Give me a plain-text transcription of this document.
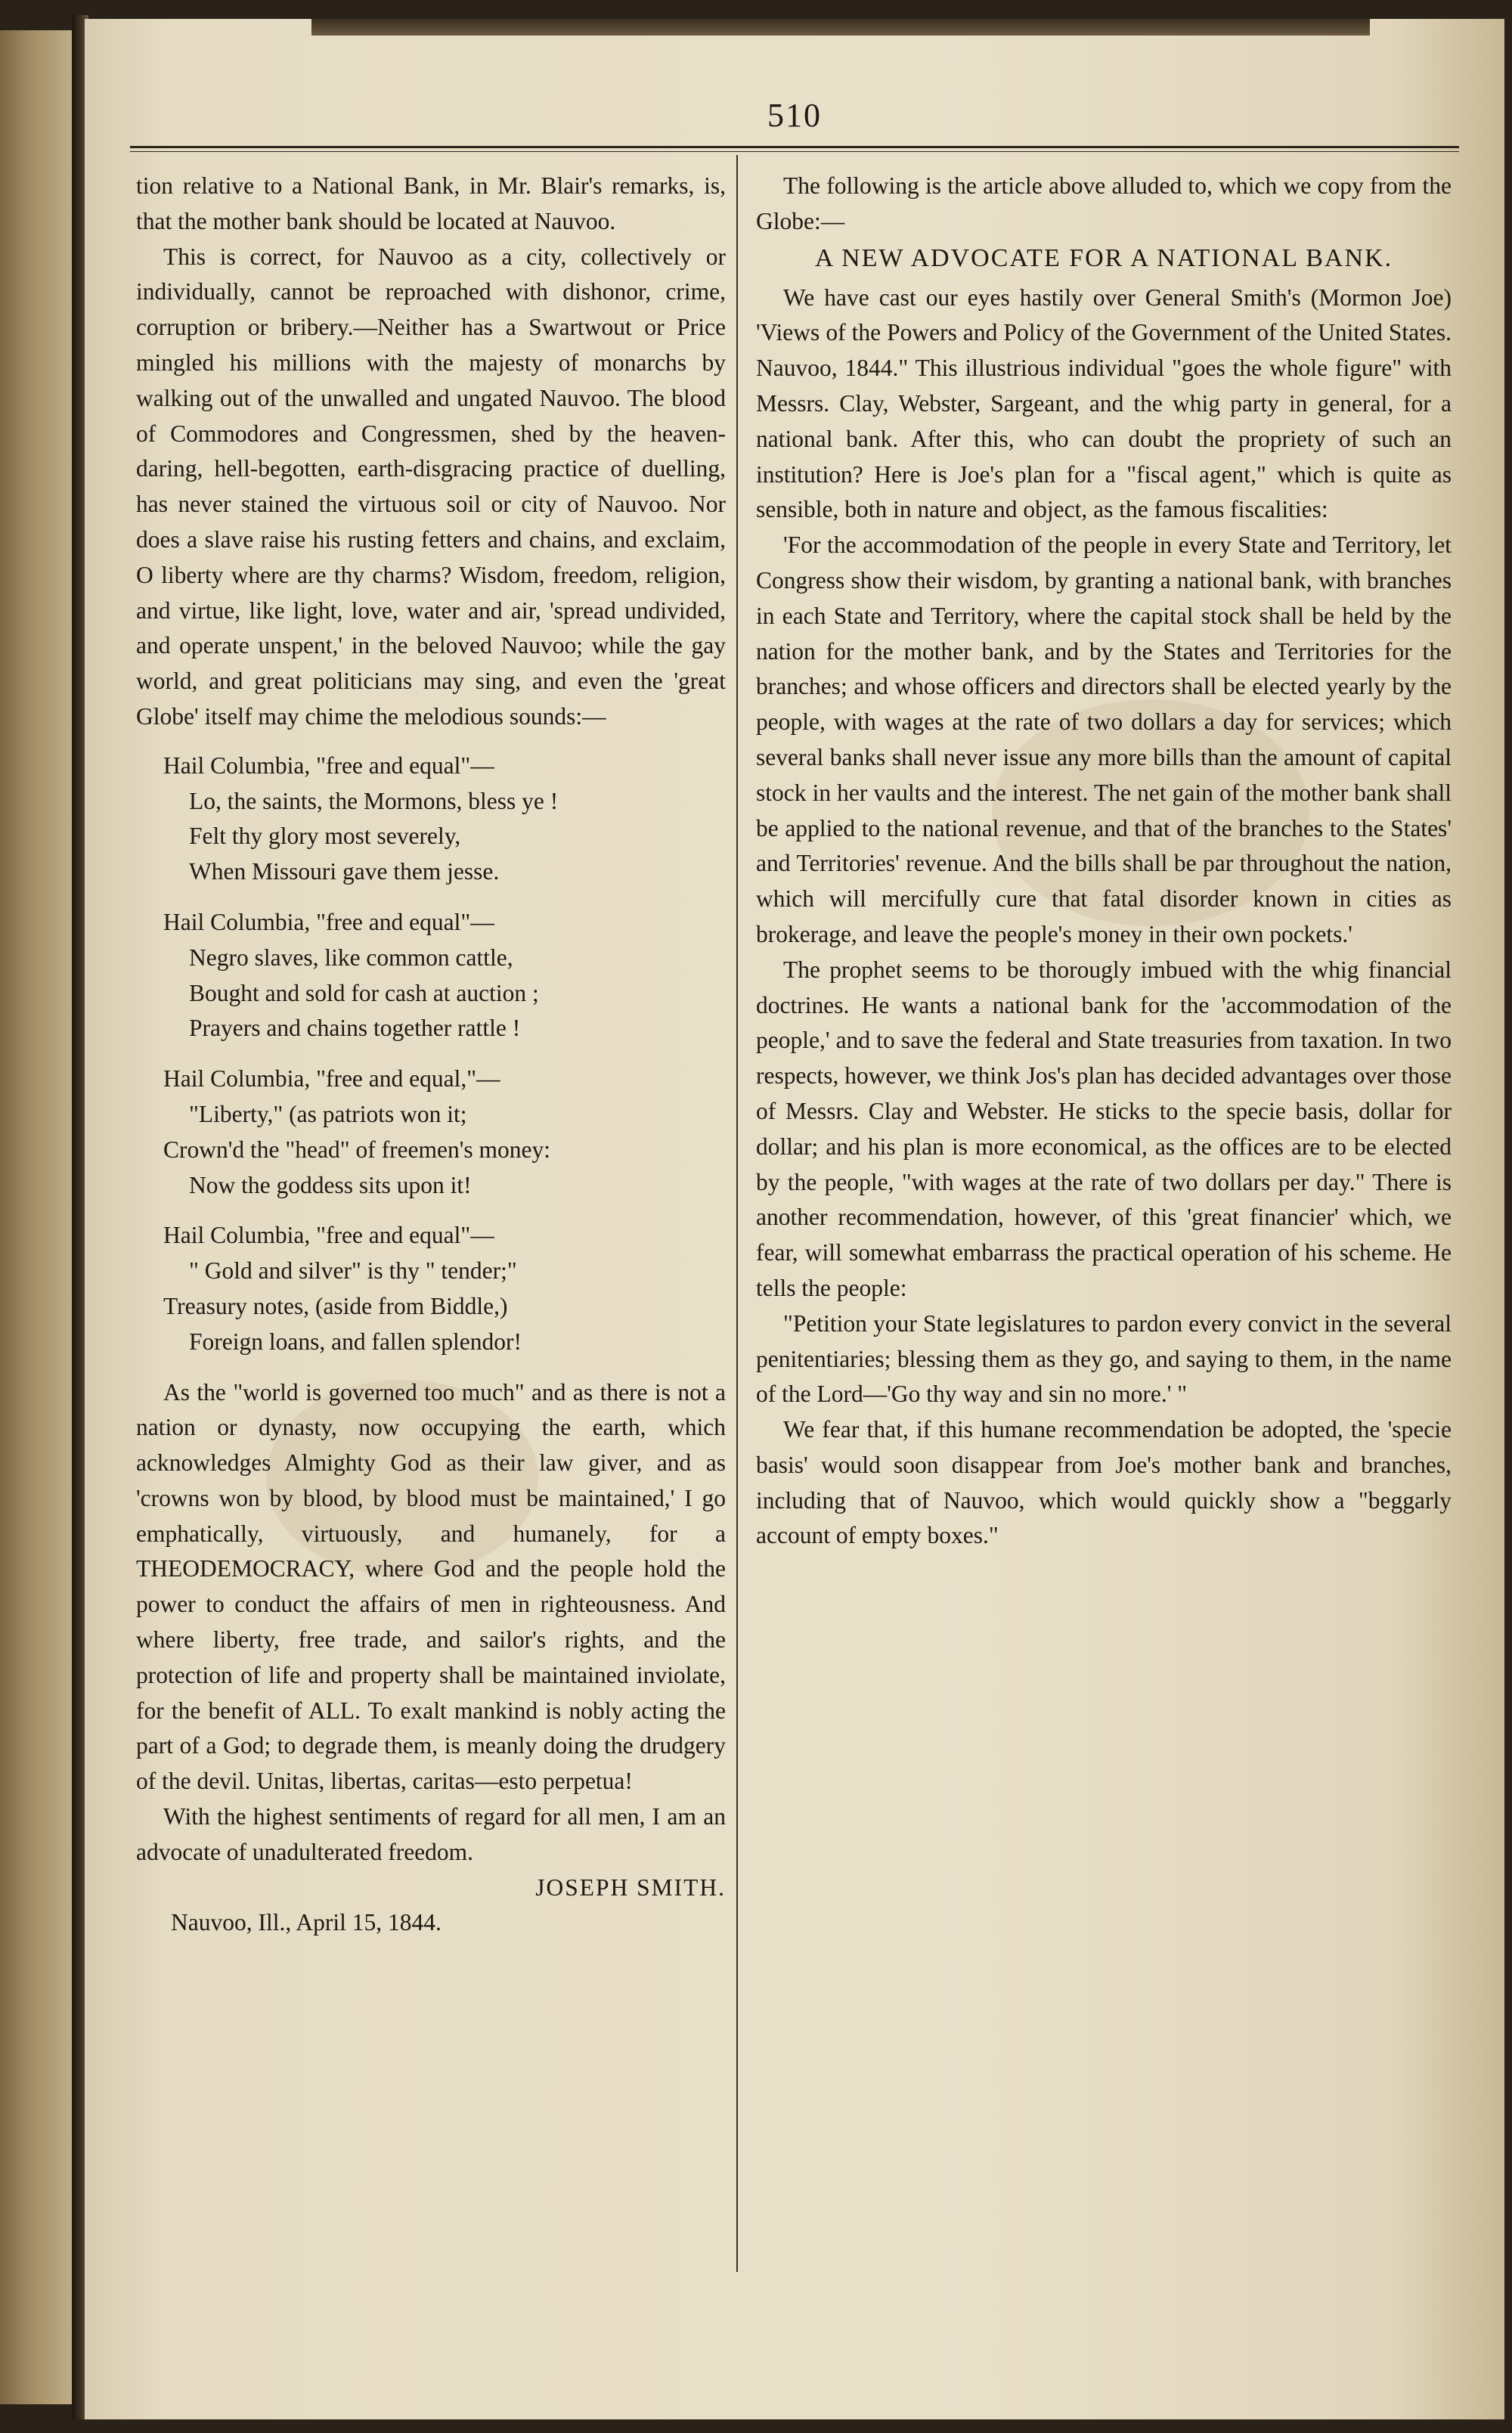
510

tion relative to a National Bank, in Mr. Blair's remarks, is, that the mother bank should be located at Nauvoo.

This is correct, for Nauvoo as a city, collectively or individually, cannot be reproached with dishonor, crime, corruption or bribery.—Neither has a Swartwout or Price mingled his millions with the majesty of monarchs by walking out of the unwalled and ungated Nauvoo. The blood of Commodores and Congressmen, shed by the heaven-daring, hell-begotten, earth-disgracing practice of duelling, has never stained the virtuous soil or city of Nauvoo. Nor does a slave raise his rusting fetters and chains, and exclaim, O liberty where are thy charms? Wisdom, freedom, religion, and virtue, like light, love, water and air, 'spread undivided, and operate unspent,' in the beloved Nauvoo; while the gay world, and great politicians may sing, and even the 'great Globe' itself may chime the melodious sounds:—

Hail Columbia, "free and equal"—
Lo, the saints, the Mormons, bless ye !
Felt thy glory most severely,
When Missouri gave them jesse.
Hail Columbia, "free and equal"—
Negro slaves, like common cattle,
Bought and sold for cash at auction ;
Prayers and chains together rattle !
Hail Columbia, "free and equal,"—
"Liberty," (as patriots won it;
Crown'd the "head" of freemen's money:
Now the goddess sits upon it!
Hail Columbia, "free and equal"—
" Gold and silver" is thy " tender;"
Treasury notes, (aside from Biddle,)
Foreign loans, and fallen splendor!

As the "world is governed too much" and as there is not a nation or dynasty, now occupying the earth, which acknowledges Almighty God as their law giver, and as 'crowns won by blood, by blood must be maintained,' I go emphatically, virtuously, and humanely, for a THEODEMOCRACY, where God and the people hold the power to conduct the affairs of men in righteousness. And where liberty, free trade, and sailor's rights, and the protection of life and property shall be maintained inviolate, for the benefit of ALL. To exalt mankind is nobly acting the part of a God; to degrade them, is meanly doing the drudgery of the devil. Unitas, libertas, caritas—esto perpetua!

With the highest sentiments of regard for all men, I am an advocate of unadulterated freedom.

JOSEPH SMITH.

Nauvoo, Ill., April 15, 1844.

The following is the article above alluded to, which we copy from the Globe:—

A NEW ADVOCATE FOR A NATIONAL BANK.

We have cast our eyes hastily over General Smith's (Mormon Joe) 'Views of the Powers and Policy of the Government of the United States. Nauvoo, 1844." This illustrious individual "goes the whole figure" with Messrs. Clay, Webster, Sargeant, and the whig party in general, for a national bank. After this, who can doubt the propriety of such an institution? Here is Joe's plan for a "fiscal agent," which is quite as sensible, both in nature and object, as the famous fiscalities:

'For the accommodation of the people in every State and Territory, let Congress show their wisdom, by granting a national bank, with branches in each State and Territory, where the capital stock shall be held by the nation for the mother bank, and by the States and Territories for the branches; and whose officers and directors shall be elected yearly by the people, with wages at the rate of two dollars a day for services; which several banks shall never issue any more bills than the amount of capital stock in her vaults and the interest. The net gain of the mother bank shall be applied to the national revenue, and that of the branches to the States' and Territories' revenue. And the bills shall be par throughout the nation, which will mercifully cure that fatal disorder known in cities as brokerage, and leave the people's money in their own pockets.'

The prophet seems to be thorougly imbued with the whig financial doctrines. He wants a national bank for the 'accommodation of the people,' and to save the federal and State treasuries from taxation. In two respects, however, we think Jos's plan has decided advantages over those of Messrs. Clay and Webster. He sticks to the specie basis, dollar for dollar; and his plan is more economical, as the offices are to be elected by the people, "with wages at the rate of two dollars per day." There is another recommendation, however, of this 'great financier' which, we fear, will somewhat embarrass the practical operation of his scheme. He tells the people:

"Petition your State legislatures to pardon every convict in the several penitentiaries; blessing them as they go, and saying to them, in the name of the Lord—'Go thy way and sin no more.' "

We fear that, if this humane recommendation be adopted, the 'specie basis' would soon disappear from Joe's mother bank and branches, including that of Nauvoo, which would quickly show a "beggarly account of empty boxes."
